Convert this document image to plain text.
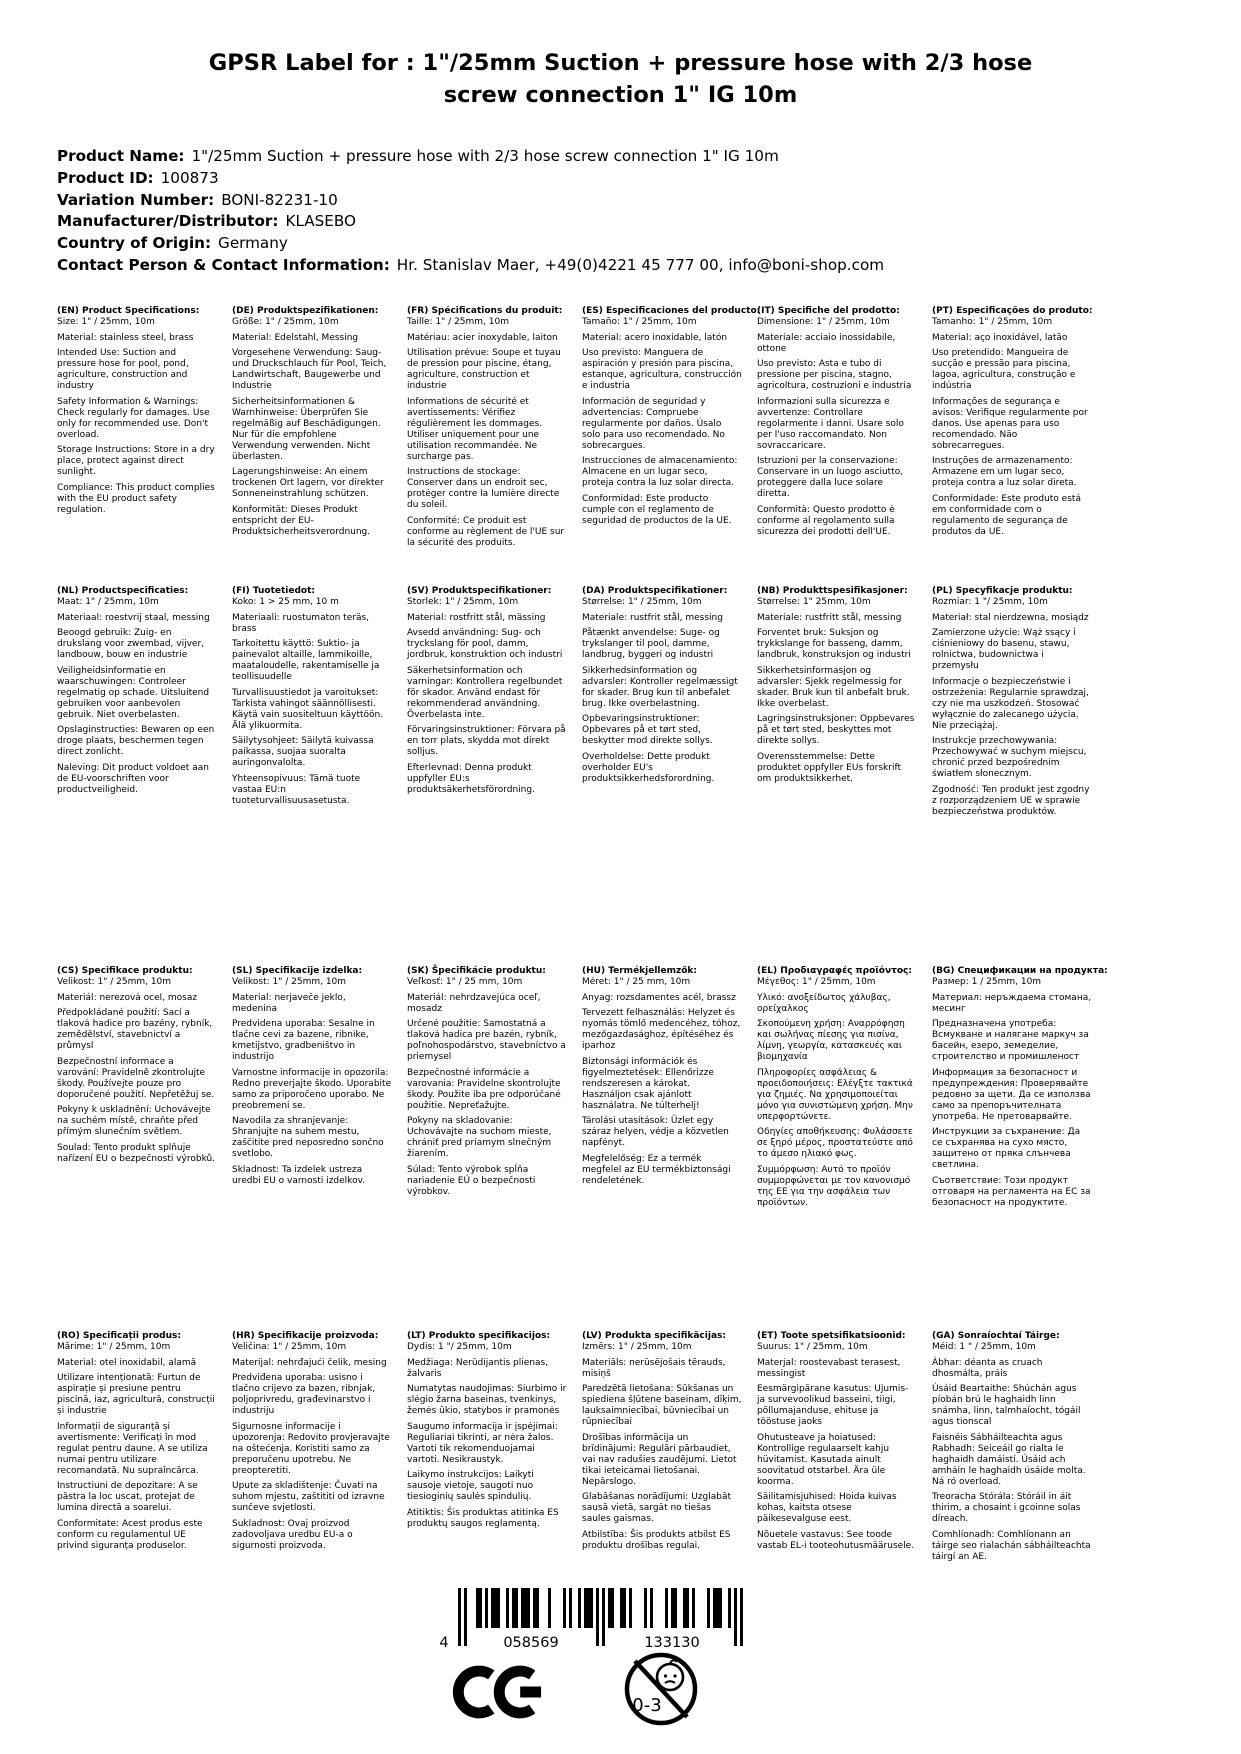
GPSR Label for : 1"/25mm Suction + pressure hose with 2/3 hose
screw connection 1" IG 10m
Product Name: 1"/25mm Suction + pressure hose with 2/3 hose screw connection 1" IG 10m
Product ID: 100873
Variation Number: BONI-82231-10
Manufacturer/Distributor: KLASEBO
Country of Origin: Germany
Contact Person & Contact Information: Hr. Stanislav Maer, +49(0)4221 45 777 00, info@boni-shop.com
(EN) Product Specifications:

Size: 1" / 25mm, 10m

Material: stainless steel, brass

Intended Use: Suction and pressure hose for pool, pond, agriculture, construction and industry

Safety Information & Warnings: Check regularly for damages. Use only for recommended use. Don't overload.

Storage Instructions: Store in a dry place, protect against direct sunlight.

Compliance: This product complies with the EU product safety regulation.

(DE) Produktspezifikationen:

Größe: 1" / 25mm, 10m

Material: Edelstahl, Messing

Vorgesehene Verwendung: Saug- und Druckschlauch für Pool, Teich, Landwirtschaft, Baugewerbe und Industrie

Sicherheitsinformationen & Warnhinweise: Überprüfen Sie regelmäßig auf Beschädigungen. Nur für die empfohlene Verwendung verwenden. Nicht überlasten.

Lagerungshinweise: An einem trockenen Ort lagern, vor direkter Sonneneinstrahlung schützen.

Konformität: Dieses Produkt entspricht der EU-Produktsicherheitsverordnung.

(FR) Spécifications du produit:

Taille: 1" / 25mm, 10m

Matériau: acier inoxydable, laiton

Utilisation prévue: Soupe et tuyau de pression pour piscine, étang, agriculture, construction et industrie

Informations de sécurité et avertissements: Vérifiez régulièrement les dommages. Utiliser uniquement pour une utilisation recommandée. Ne surcharge pas.

Instructions de stockage: Conserver dans un endroit sec, protéger contre la lumière directe du soleil.

Conformité: Ce produit est conforme au règlement de l'UE sur la sécurité des produits.

(ES) Especificaciones del producto:

Tamaño: 1" / 25mm, 10m

Material: acero inoxidable, latón

Uso previsto: Manguera de aspiración y presión para piscina, estanque, agricultura, construcción e industria

Información de seguridad y advertencias: Compruebe regularmente por daños. Úsalo solo para uso recomendado. No sobrecargues.

Instrucciones de almacenamiento: Almacene en un lugar seco, proteja contra la luz solar directa.

Conformidad: Este producto cumple con el reglamento de seguridad de productos de la UE.

(IT) Specifiche del prodotto:

Dimensione: 1" / 25mm, 10m

Materiale: acciaio inossidabile, ottone

Uso previsto: Asta e tubo di pressione per piscina, stagno, agricoltura, costruzioni e industria

Informazioni sulla sicurezza e avvertenze: Controllare regolarmente i danni. Usare solo per l'uso raccomandato. Non sovraccaricare.

Istruzioni per la conservazione: Conservare in un luogo asciutto, proteggere dalla luce solare diretta.

Conformità: Questo prodotto è conforme al regolamento sulla sicurezza dei prodotti dell'UE.

(PT) Especificações do produto:

Tamanho: 1" / 25mm, 10m

Material: aço inoxidável, latão

Uso pretendido: Mangueira de sucção e pressão para piscina, lagoa, agricultura, construção e indústria

Informações de segurança e avisos: Verifique regularmente por danos. Use apenas para uso recomendado. Não sobrecarregues.

Instruções de armazenamento: Armazene em um lugar seco, proteja contra a luz solar direta.

Conformidade: Este produto está em conformidade com o regulamento de segurança de produtos da UE.

(NL) Productspecificaties:

Maat: 1" / 25mm, 10m

Materiaal: roestvrij staal, messing

Beoogd gebruik: Zuig- en drukslang voor zwembad, vijver, landbouw, bouw en industrie

Veiligheidsinformatie en waarschuwingen: Controleer regelmatig op schade. Uitsluitend gebruiken voor aanbevolen gebruik. Niet overbelasten.

Opslaginstructies: Bewaren op een droge plaats, beschermen tegen direct zonlicht.

Naleving: Dit product voldoet aan de EU-voorschriften voor productveiligheid.

(FI) Tuotetiedot:

Koko: 1 > 25 mm, 10 m

Materiaali: ruostumaton teräs, brass

Tarkoitettu käyttö: Suktio- ja painevalot altaille, lammikoille, maataloudelle, rakentamiselle ja teollisuudelle

Turvallisuustiedot ja varoitukset: Tarkista vahingot säännöllisesti. Käytä vain suositeltuun käyttöön. Älä ylikuormita.

Säilytysohjeet: Säilytä kuivassa paikassa, suojaa suoralta auringonvalolta.

Yhteensopivuus: Tämä tuote vastaa EU:n tuoteturvallisuusasetusta.

(SV) Produktspecifikationer:

Storlek: 1" / 25mm, 10m

Material: rostfritt stål, mässing

Avsedd användning: Sug- och tryckslang för pool, damm, jordbruk, konstruktion och industri

Säkerhetsinformation och varningar: Kontrollera regelbundet för skador. Använd endast för rekommenderad användning. Överbelasta inte.

Förvaringsinstruktioner: Förvara på en torr plats, skydda mot direkt solljus.

Efterlevnad: Denna produkt uppfyller EU:s produktsäkerhetsförordning.

(DA) Produktspecifikationer:

Størrelse: 1" / 25mm, 10m

Materiale: rustfrit stål, messing

Påtænkt anvendelse: Suge- og trykslanger til pool, damme, landbrug, byggeri og industri

Sikkerhedsinformation og advarsler: Kontroller regelmæssigt for skader. Brug kun til anbefalet brug. Ikke overbelastning.

Opbevaringsinstruktioner: Opbevares på et tørt sted, beskytter mod direkte sollys.

Overholdelse: Dette produkt overholder EU's produktsikkerhedsforordning.

(NB) Produkttspesifikasjoner:

Størrelse: 1" 25mm, 10m

Materiale: rustfritt stål, messing

Forventet bruk: Suksjon og trykkslange for basseng, damm, landbruk, konstruksjon og industri

Sikkerhetsinformasjon og advarsler: Sjekk regelmessig for skader. Bruk kun til anbefalt bruk. Ikke overbelast.

Lagringsinstruksjoner: Oppbevares på et tørt sted, beskyttes mot direkte sollys.

Overensstemmelse: Dette produktet oppfyller EUs forskrift om produktsikkerhet.

(PL) Specyfikacje produktu:

Rozmiar: 1 "/ 25mm, 10m

Materiał: stal nierdzewna, mosiądz

Zamierzone użycie: Wąż ssący i ciśnieniowy do basenu, stawu, rolnictwa, budownictwa i przemysłu

Informacje o bezpieczeństwie i ostrzeżenia: Regularnie sprawdzaj, czy nie ma uszkodzeń. Stosować wyłącznie do zalecanego użycia. Nie przeciążaj.

Instrukcje przechowywania: Przechowywać w suchym miejscu, chronić przed bezpośrednim światłem słonecznym.

Zgodność: Ten produkt jest zgodny z rozporządzeniem UE w sprawie bezpieczeństwa produktów.

(CS) Specifikace produktu:

Velikost: 1" / 25mm, 10m

Materiál: nerezová ocel, mosaz

Předpokládané použití: Sací a tlaková hadice pro bazény, rybník, zemědělství, stavebnictví a průmysl

Bezpečnostní informace a varování: Pravidelně zkontrolujte škody. Používejte pouze pro doporučené použití. Nepřetěžuj se.

Pokyny k uskladnění: Uchovávejte na suchém místě, chraňte před přímým slunečním světlem.

Soulad: Tento produkt splňuje nařízení EU o bezpečnosti výrobků.

(SL) Specifikacije izdelka:

Velikost: 1" / 25mm, 10m

Material: nerjaveče jeklo, medenina

Predvidena uporaba: Sesalne in tlačne cevi za bazene, ribnike, kmetijstvo, gradbeništvo in industrijo

Varnostne informacije in opozorila: Redno preverjajte škodo. Uporabite samo za priporočeno uporabo. Ne preobremeni se.

Navodila za shranjevanje: Shranjujte na suhem mestu, zaščitite pred neposredno sončno svetlobo.

Skladnost: Ta izdelek ustreza uredbi EU o varnosti izdelkov.

(SK) Špecifikácie produktu:

Veľkosť: 1" / 25 mm, 10m

Materiál: nehrdzavejúca oceľ, mosadz

Určené použitie: Samostatná a tlaková hadica pre bazén, rybník, poľnohospodárstvo, stavebníctvo a priemysel

Bezpečnostné informácie a varovania: Pravidelne skontrolujte škody. Použite iba pre odporúčané použitie. Nepreťažujte.

Pokyny na skladovanie: Uchovávajte na suchom mieste, chrániť pred priamym slnečným žiarením.

Súlad: Tento výrobok spĺňa nariadenie EÚ o bezpečnosti výrobkov.

(HU) Termékjellemzők:

Méret: 1" / 25 mm, 10m

Anyag: rozsdamentes acél, brassz

Tervezett felhasználás: Helyzet és nyomás tömlő medencéhez, tóhoz, mezőgazdasághoz, építéséhez és iparhoz

Biztonsági információk és figyelmeztetések: Ellenőrizze rendszeresen a károkat. Használjon csak ajánlott használatra. Ne túlterhelj!

Tárolási utasítások: Üzlet egy száraz helyen, védje a közvetlen napfényt.

Megfelelőség: Ez a termék megfelel az EU termékbiztonsági rendeletének.

(EL) Προδιαγραφές προϊόντος:

Μέγεθος: 1" / 25mm, 10m

Υλικό: ανοξείδωτος χάλυβας, ορείχαλκος

Σκοπούμενη χρήση: Αναρρόφηση και σωλήνας πίεσης για πισίνα, λίμνη, γεωργία, κατασκευές και βιομηχανία

Πληροφορίες ασφάλειας & προειδοποιήσεις: Ελέγξτε τακτικά για ζημιές. Να χρησιμοποιείται μόνο για συνιστώμενη χρήση. Μην υπερφορτώνετε.

Οδηγίες αποθήκευσης: Φυλάσσετε σε ξηρό μέρος, προστατεύστε από το άμεσο ηλιακό φως.

Συμμόρφωση: Αυτό το προϊόν συμμορφώνεται με τον κανονισμό της ΕΕ για την ασφάλεια των προϊόντων.

(BG) Спецификации на продукта:

Размер: 1 / 25mm, 10m

Материал: неръждаема стомана, месинг

Предназначена употреба: Всмукване и налягане маркуч за басейн, езеро, земеделие, строителство и промишленост

Информация за безопасност и предупреждения: Проверявайте редовно за щети. Да се използва само за препоръчителната употреба. Не претоварвайте.

Инструкции за съхранение: Да се съхранява на сухо място, защитено от пряка слънчева светлина.

Съответствие: Този продукт отговаря на регламента на ЕС за безопасност на продуктите.

(RO) Specificații produs:

Mărime: 1" / 25mm, 10m

Material: otel inoxidabil, alamă

Utilizare intenționată: Furtun de aspirație și presiune pentru piscină, iaz, agricultură, construcții și industrie

Informații de siguranță și avertismente: Verificați în mod regulat pentru daune. A se utiliza numai pentru utilizare recomandată. Nu supraîncărca.

Instructiuni de depozitare: A se păstra la loc uscat, protejat de lumina directă a soarelui.

Conformitate: Acest produs este conform cu regulamentul UE privind siguranța produselor.

(HR) Specifikacije proizvoda:

Veličina: 1" / 25mm, 10m

Materijal: nehrđajući čelik, mesing

Predviđena uporaba: usisno i tlačno crijevo za bazen, ribnjak, poljoprivredu, građevinarstvo i industriju

Sigurnosne informacije i upozorenja: Redovito provjeravajte na oštećenja. Koristiti samo za preporučenu upotrebu. Ne preopteretiti.

Upute za skladištenje: Čuvati na suhom mjestu, zaštititi od izravne sunčeve svjetlosti.

Sukladnost: Ovaj proizvod zadovoljava uredbu EU-a o sigurnosti proizvoda.

(LT) Produkto specifikacijos:

Dydis: 1 "/ 25mm, 10m

Medžiaga: Nerūdijantis plienas, žalvaris

Numatytas naudojimas: Siurbimo ir slėgio žarna baseinas, tvenkinys, žemės ūkio, statybos ir pramonės

Saugumo informacija ir įspėjimai: Reguliariai tikrinti, ar nėra žalos. Vartoti tik rekomenduojamai vartoti. Nesikraustyk.

Laikymo instrukcijos: Laikyti sausoje vietoje, saugoti nuo tiesioginių saulės spindulių.

Atitiktis: Šis produktas atitinka ES produktų saugos reglamentą.

(LV) Produkta specifikācijas:

Izmērs: 1" / 25mm, 10m

Materiāls: nerūsējošais tērauds, misiņš

Paredzētā lietošana: Sūkšanas un spiediena šļūtene baseinam, dīķim, lauksaimniecībai, būvniecībai un rūpniecībai

Drošības informācija un brīdinājumi: Regulāri pārbaudiet, vai nav radušies zaudējumi. Lietot tikai ieteicamai lietošanai. Nepārslogo.

Glabāšanas norādījumi: Uzglabāt sausā vietā, sargāt no tiešas saules gaismas.

Atbilstība: Šis produkts atbilst ES produktu drošības regulai.

(ET) Toote spetsifikatsioonid:

Suurus: 1" / 25mm, 10m

Materjal: roostevabast terasest, messingist

Eesmärgipärane kasutus: Ujumis- ja survevoolikud basseini, tiigi, põllumajanduse, ehituse ja tööstuse jaoks

Ohutusteave ja hoiatused: Kontrollige regulaarselt kahju hüvitamist. Kasutada ainult soovitatud otstarbel. Ära üle koorma.

Säilitamisjuhised: Hoida kuivas kohas, kaitsta otsese päikesevalguse eest.

Nõuetele vastavus: See toode vastab EL-i tooteohutusmäärusele.

(GA) Sonraíochtaí Táirge:

Méid: 1 " / 25mm, 10m

Ábhar: déanta as cruach dhosmálta, práis

Úsáid Beartaithe: Shúchán agus píobán brú le haghaidh linn snámha, linn, talmhaíocht, tógáil agus tionscal

Faisnéis Sábháilteachta agus Rabhadh: Seiceáil go rialta le haghaidh damáistí. Úsáid ach amháin le haghaidh úsáide molta. Ná ró overload.

Treoracha Stórála: Stóráil in áit thirim, a chosaint i gcoinne solas díreach.

Comhlíonadh: Comhlíonann an táirge seo rialachán sábháilteachta táirgí an AE.

4	058569	133130
0-3
